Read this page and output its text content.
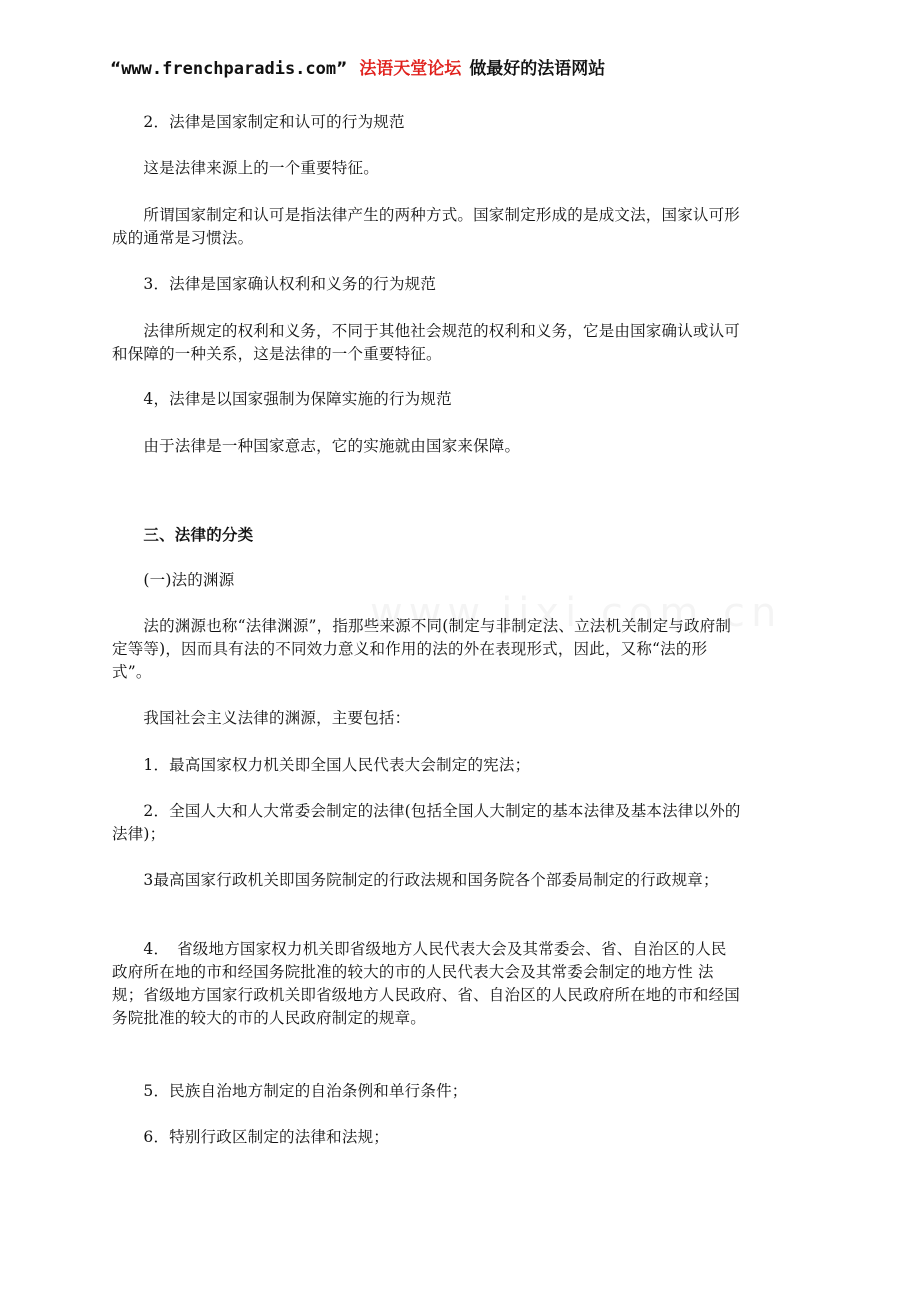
“www.frenchparadis.com” 法语天堂论坛 做最好的法语网站
　　2．法律是国家制定和认可的行为规范
　　这是法律来源上的一个重要特征。
　　所谓国家制定和认可是指法律产生的两种方式。国家制定形成的是成文法，国家认可形成的通常是习惯法。
　　3．法律是国家确认权利和义务的行为规范
　　法律所规定的权利和义务，不同于其他社会规范的权利和义务，它是由国家确认或认可和保障的一种关系，这是法律的一个重要特征。
　　4，法律是以国家强制为保障实施的行为规范
　　由于法律是一种国家意志，它的实施就由国家来保障。
　　三、法律的分类
　　(一)法的渊源
　　法的渊源也称“法律渊源”，指那些来源不同(制定与非制定法、立法机关制定与政府制定等等)，因而具有法的不同效力意义和作用的法的外在表现形式，因此，又称“法的形式”。
　　我国社会主义法律的渊源，主要包括：
　　1．最高国家权力机关即全国人民代表大会制定的宪法；
　　2．全国人大和人大常委会制定的法律(包括全国人大制定的基本法律及基本法律以外的法律)；
　　3最高国家行政机关即国务院制定的行政法规和国务院各个部委局制定的行政规章；
　　4．　省级地方国家权力机关即省级地方人民代表大会及其常委会、省、自治区的人民政府所在地的市和经国务院批准的较大的市的人民代表大会及其常委会制定的地方性 法规；省级地方国家行政机关即省级地方人民政府、省、自治区的人民政府所在地的市和经国务院批准的较大的市的人民政府制定的规章。
　　5．民族自治地方制定的自治条例和单行条件；
　　6．特别行政区制定的法律和法规；
